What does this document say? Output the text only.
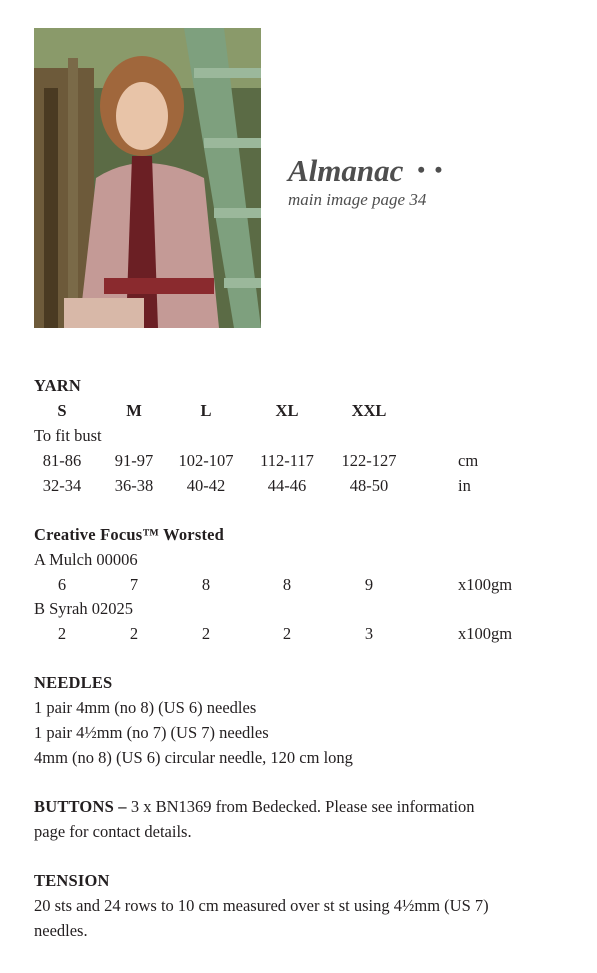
Almanac • •
main image page 34
YARN
S	M	L	XL	XXL
To fit bust
81-86 91-97 102-107 112-117 122-127	cm
32-34 36-38 40-42	44-46	48-50	in
Creative Focus™ Worsted
A Mulch 00006
6	7	8	8	9	x100gm
B Syrah 02025
2	2	2	2	3	x100gm
NEEDLES
1 pair 4mm (no 8) (US 6) needles
1 pair 4½mm (no 7) (US 7) needles
4mm (no 8) (US 6) circular needle, 120 cm long
BUTTONS – 3 x BN1369 from Bedecked. Please see information
page for contact details.
TENSION
20 sts and 24 rows to 10 cm measured over st st using 4½mm (US 7)
needles.
